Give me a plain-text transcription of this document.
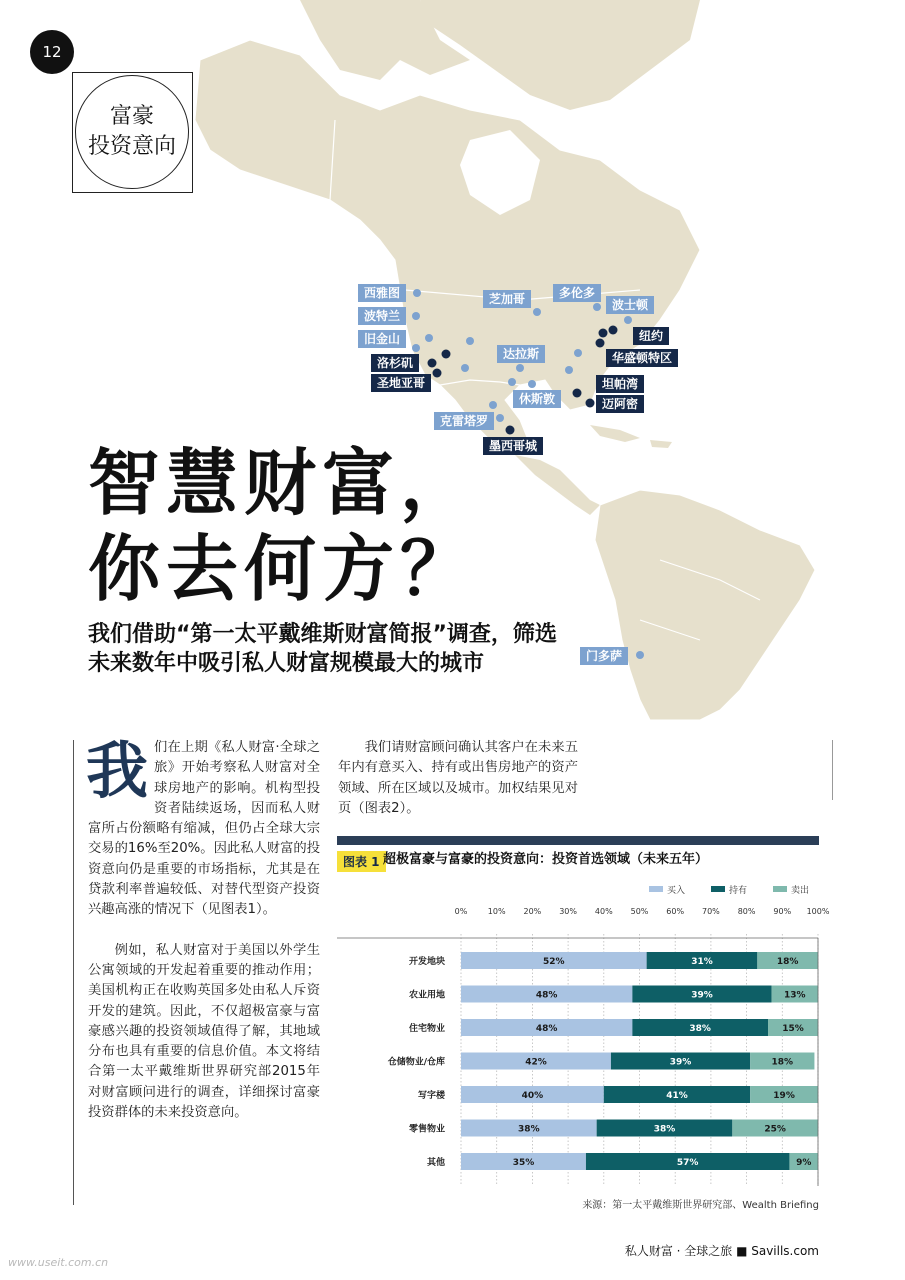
西雅图
波特兰
旧金山
洛杉矶
圣地亚哥
芝加哥	多伦多
波士顿
纽约
华盛顿特区
达拉斯
休斯敦
坦帕湾
迈阿密
克雷塔罗
墨西哥城
门多萨
12
富豪
投资意向
智慧财富，
你去何方？
我们借助“第一太平戴维斯财富简报”调查，筛选未来数年中吸引私人财富规模最大的城市

我们在上期《私人财富·全球之旅》开始考察私人财富对全球房地产的影响。机构型投资者陆续返场，因而私人财富所占份额略有缩减，但仍占全球大宗交易的16%至20%。因此私人财富的投资意向仍是重要的市场指标，尤其是在贷款利率普遍较低、对替代型资产投资兴趣高涨的情况下（见图表1）。

例如，私人财富对于美国以外学生公寓领域的开发起着重要的推动作用；美国机构正在收购英国多处由私人斥资开发的建筑。因此，不仅超极富豪与富豪感兴趣的投资领域值得了解，其地域分布也具有重要的信息价值。本文将结合第一太平戴维斯世界研究部2015年对财富顾问进行的调查，详细探讨富豪投资群体的未来投资意向。

我们请财富顾问确认其客户在未来五年内有意买入、持有或出售房地产的资产领域、所在区域以及城市。加权结果见对页（图表2）。
图表 1 超极富豪与富豪的投资意向：投资首选领域（未来五年）
买入	持有	卖出
0%	10% 20% 30% 40% 50% 60% 70% 80% 90% 100%
开发地块	52%	31%	18%
农业用地	48%	39%	13%
住宅物业	48%	38%	15%
仓储物业/仓库	42%	39%	18%
写字楼	40%	41%	19%
零售物业	38%	38%	25%
其他	35%	57%	9%
来源：第一太平戴维斯世界研究部、Wealth Briefing
私人财富 · 全球之旅 ■ Savills.com
www.useit.com.cn
